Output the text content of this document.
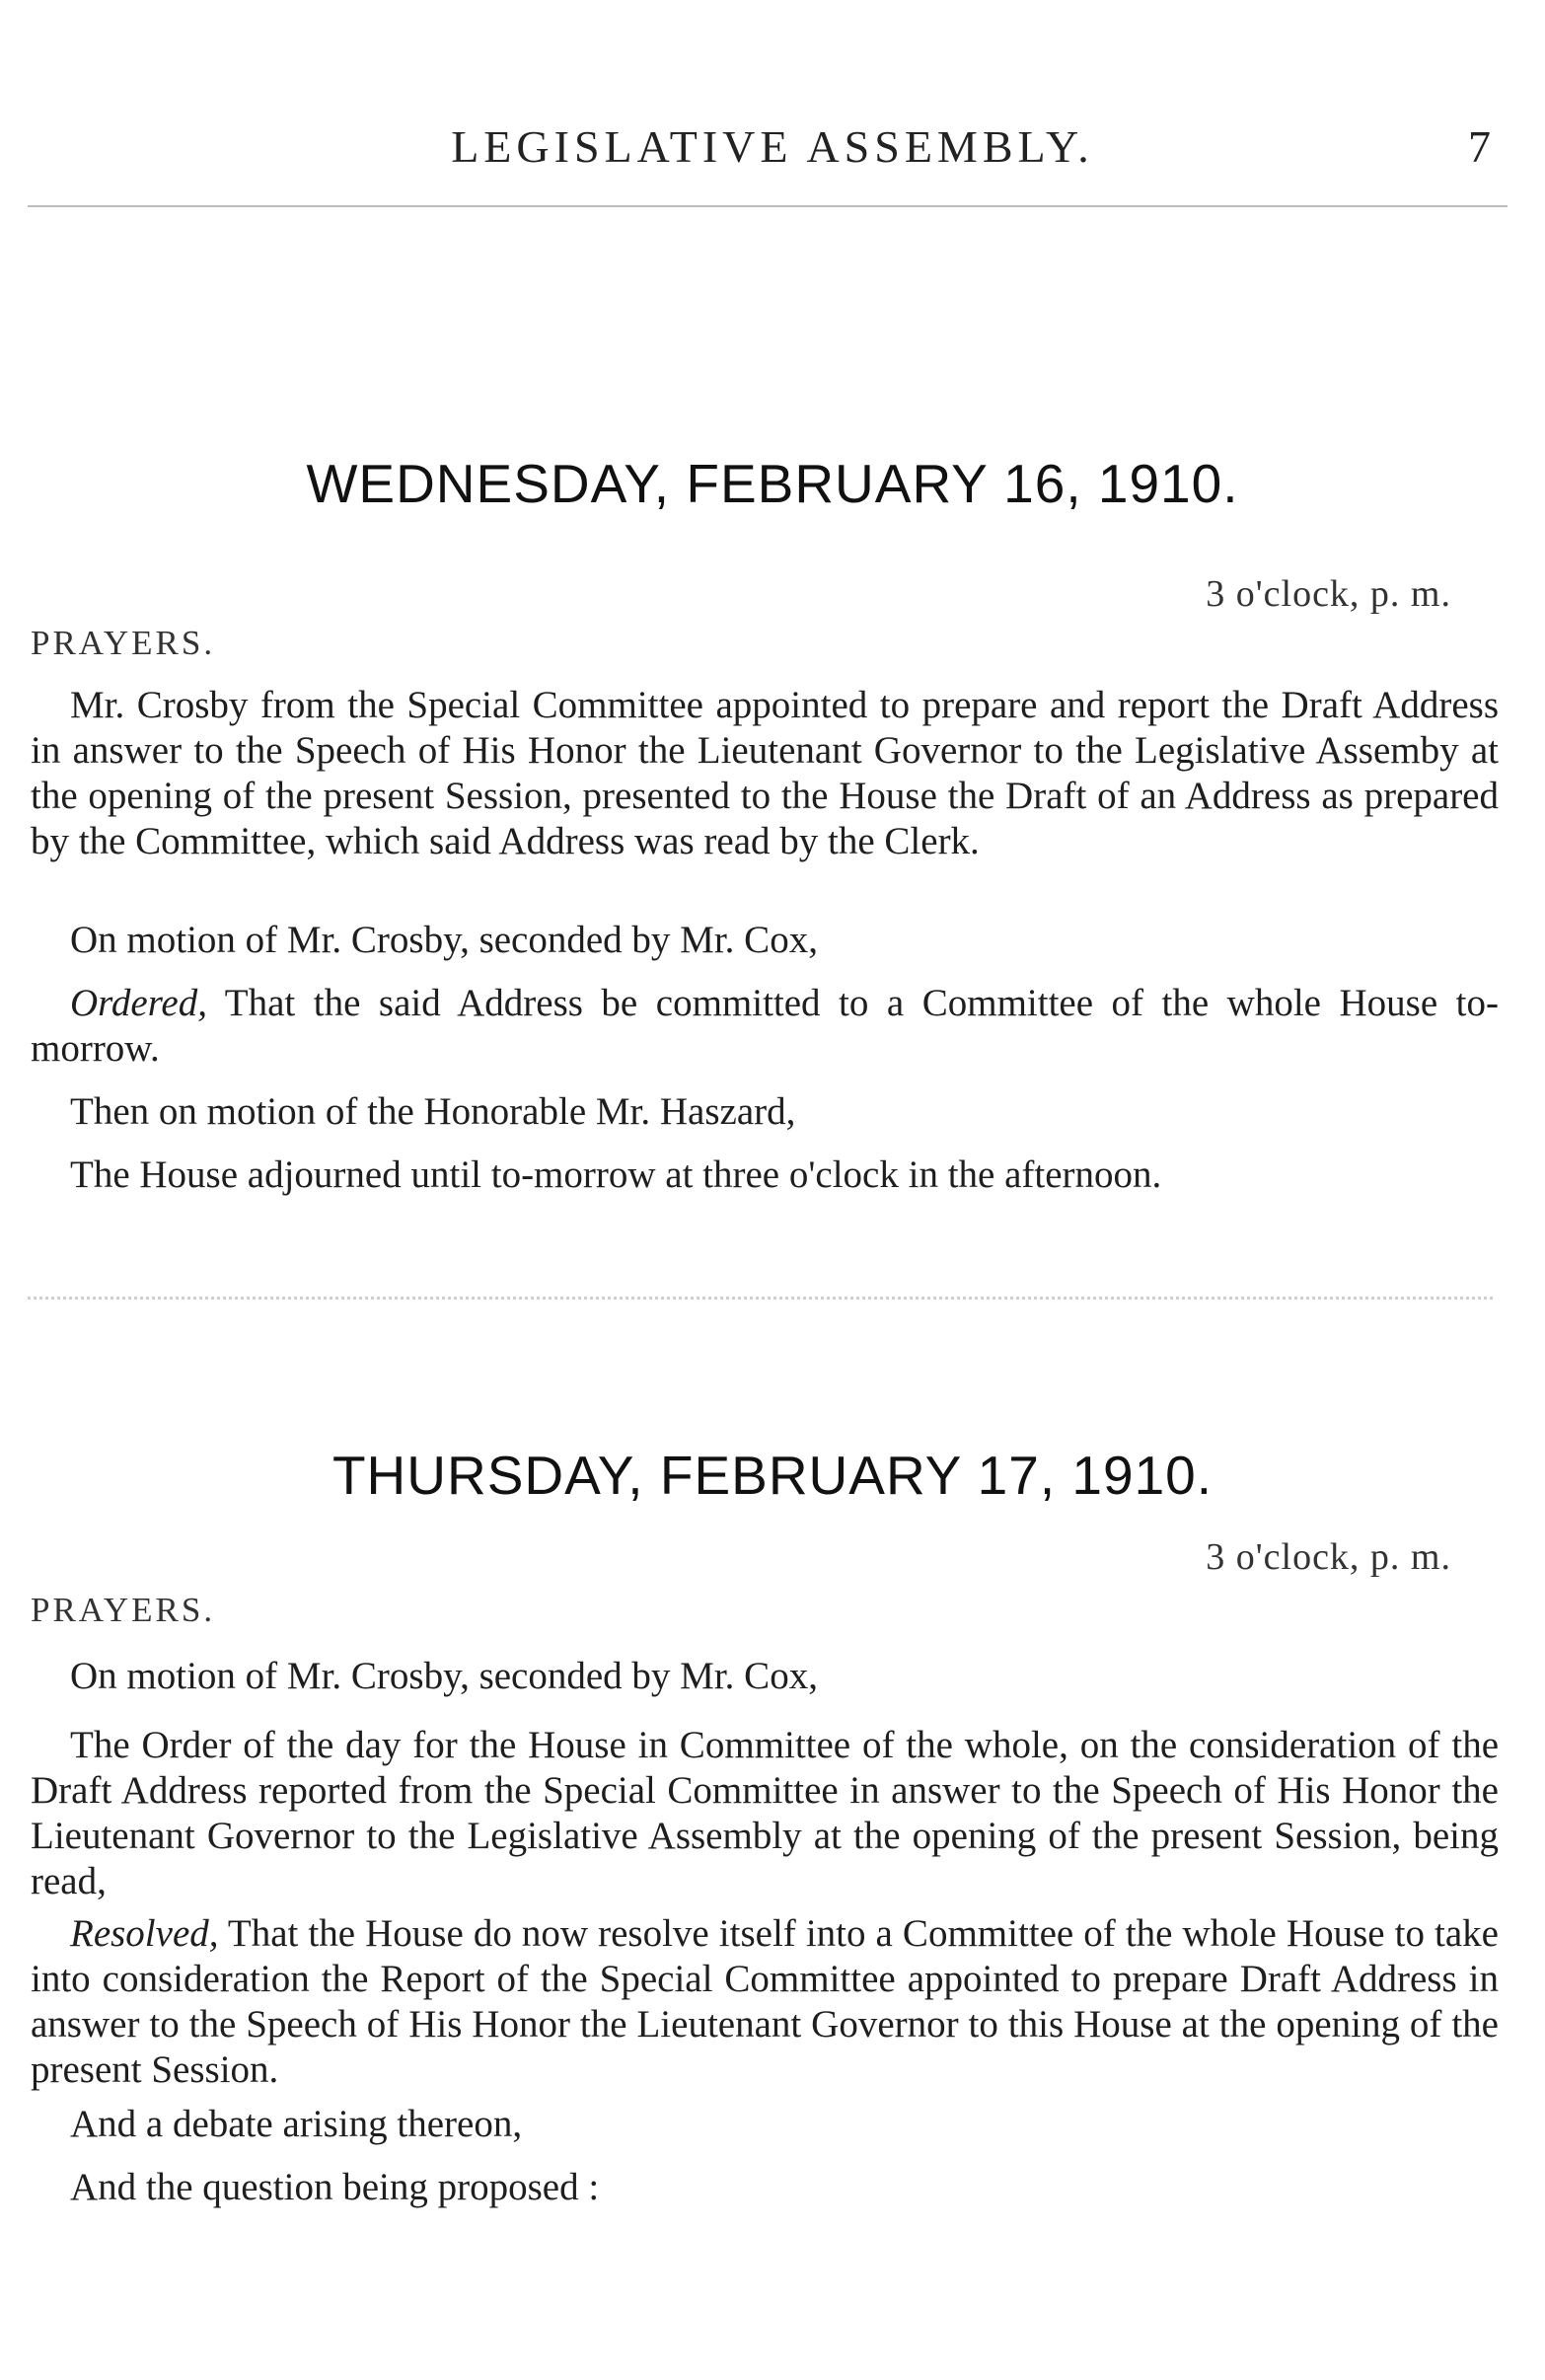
LEGISLATIVE ASSEMBLY.	7
WEDNESDAY, FEBRUARY 16, 1910.
3 o'clock, p. m.
PRAYERS.

Mr. Crosby from the Special Committee appointed to prepare and report the Draft Address in answer to the Speech of His Honor the Lieutenant Governor to the Legislative Assemby at the opening of the present Session, presented to the House the Draft of an Address as prepared by the Committee, which said Address was read by the Clerk.

On motion of Mr. Crosby, seconded by Mr. Cox,

Ordered, That the said Address be committed to a Committee of the whole House to-morrow.

Then on motion of the Honorable Mr. Haszard,

The House adjourned until to-morrow at three o'clock in the afternoon.

THURSDAY, FEBRUARY 17, 1910.
3 o'clock, p. m.
PRAYERS.

On motion of Mr. Crosby, seconded by Mr. Cox,

The Order of the day for the House in Committee of the whole, on the consideration of the Draft Address reported from the Special Committee in answer to the Speech of His Honor the Lieutenant Governor to the Legislative Assembly at the opening of the present Session, being read,

Resolved, That the House do now resolve itself into a Committee of the whole House to take into consideration the Report of the Special Committee appointed to prepare Draft Address in answer to the Speech of His Honor the Lieutenant Governor to this House at the opening of the present Session.

And a debate arising thereon,

And the question being proposed :
